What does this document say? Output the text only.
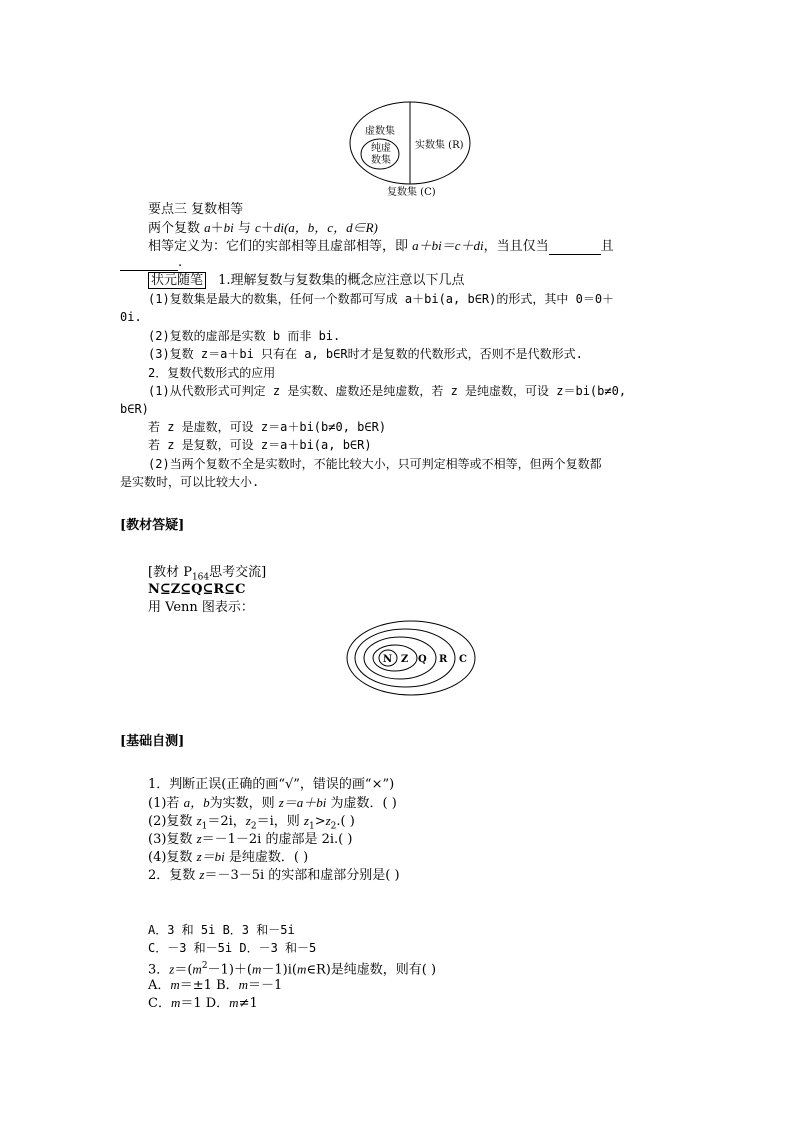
虚数集
纯虚
数集
实数集 (R)
复数集 (C)
要点三 复数相等
两个复数 a＋bi 与 c＋di(a，b，c，d∈R)
相等定义为：它们的实部相等且虚部相等，即 a＋bi＝c＋di，当且仅当	且
.
状元随笔 1.理解复数与复数集的概念应注意以下几点
(1)复数集是最大的数集，任何一个数都可写成 a＋bi(a, b∈R)的形式，其中 0＝0＋
0i.
(2)复数的虚部是实数 b 而非 bi.
(3)复数 z＝a＋bi 只有在 a, b∈R时才是复数的代数形式，否则不是代数形式.
2．复数代数形式的应用
(1)从代数形式可判定 z 是实数、虚数还是纯虚数，若 z 是纯虚数，可设 z＝bi(b≠0,
b∈R)
若 z 是虚数，可设 z＝a＋bi(b≠0, b∈R)
若 z 是复数，可设 z＝a＋bi(a, b∈R)
(2)当两个复数不全是实数时，不能比较大小，只可判定相等或不相等，但两个复数都
是实数时，可以比较大小.
[教材答疑]
[教材 $P_{164}$思考交流]
N⊆Z⊆Q⊆R⊆C
用 Venn 图表示：
N Z Q R C
[基础自测]
1．判断正误(正确的画“√”，错误的画“×”)
(1)若 a，b为实数，则 z＝a＋bi 为虚数．( )
(2)复数 $z_1=2i$，$z_2=i$，则 $z_1>z_2$.( )
(3)复数 z＝－1－2i 的虚部是 2i.( )
(4)复数 z＝bi 是纯虚数．( )
2．复数 z＝－3－5i 的实部和虚部分别是( )
A．3 和 5i B．3 和－5i
C．－3 和－5i D．－3 和－5
3．$z=(m^2-1)+(m-1)i(m\in R)$是纯虚数，则有( )
A．m＝±1 B．m＝－1
C．m＝1 D．m≠1
